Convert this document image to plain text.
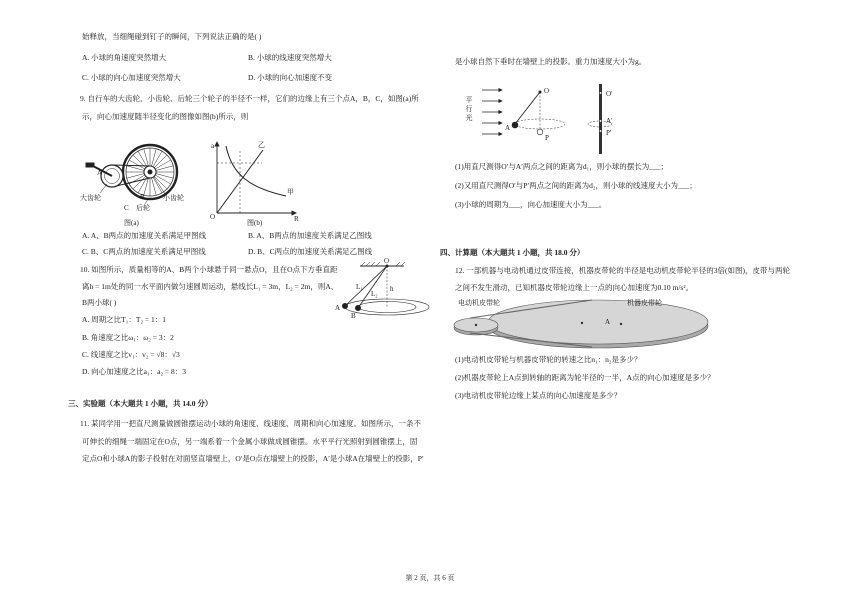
大齿轮
A
B	小齿轮
C 后轮
图(a)
a
R
O
乙
甲
图(b)
O
L₁
L₂
h
A
B
O
A
P
O′
A′
P′
电动机皮带轮	机器皮带轮
A
平行光
始释放，当细绳碰到钉子的瞬间，下列说法正确的是( )
A. 小球的角速度突然增大	B. 小球的线速度突然增大
C. 小球的向心加速度突然增大	D. 小球的向心加速度不变
9. 自行车的大齿轮、小齿轮、后轮三个轮子的半径不一样，它们的边缘上有三个点A，B，C，如图(a)所
示，向心加速度随半径变化的图像如图(b)所示，则
A. A、B两点的加速度关系满足甲图线	B. A、B两点的加速度关系满足乙图线
C. B、C两点的加速度关系满足甲图线	D. B、C两点的加速度关系满足乙图线
10. 如图所示，质量相等的A、B两个小球悬于同一悬点O，且在O点下方垂直距
离h = 1m处的同一水平面内做匀速圆周运动，悬线长L₁ = 3m，L₂ = 2m，则A、
B两小球( )
A. 周期之比T₁：T₂ = 1：1
B. 角速度之比ω₁：ω₂ = 3：2
C. 线速度之比v₁：v₂ = √8：√3
D. 向心加速度之比a₁：a₂ = 8：3
三、实验题（本大题共 1 小题，共 14.0 分）
11. 某同学用一把直尺测量做圆锥摆运动小球的角速度、线速度、周期和向心加速度。如图所示，一条不
可伸长的细绳一端固定在O点，另一端系着一个金属小球做成圆锥摆。水平平行光照射到圆锥摆上，固
定点O和小球A的影子投射在对面竖直墙壁上，O′是O点在墙壁上的投影，A′是小球A在墙壁上的投影，P′
是小球自然下垂时在墙壁上的投影。重力加速度大小为g。
(1)用直尺测得O′与A′两点之间的距离为d₁，则小球的摆长为___；
(2)又用直尺测得O′与P′两点之间的距离为d₂，则小球的线速度大小为___；
(3)小球的周期为___，向心加速度大小为___。
四、计算题（本大题共 1 小题，共 18.0 分）
12. 一部机器与电动机通过皮带连接，机器皮带轮的半径是电动机皮带轮半径的3倍(如图)，皮带与两轮
之间不发生滑动，已知机器皮带轮边缘上一点的向心加速度为0.10 m/s²。
(1)电动机皮带轮与机器皮带轮的转速之比n₁：n₂是多少？
(2)机器皮带轮上A点到转轴的距离为轮半径的一半，A点的向心加速度是多少？
(3)电动机皮带轮边缘上某点的向心加速度是多少？
第 2 页，共 6 页
